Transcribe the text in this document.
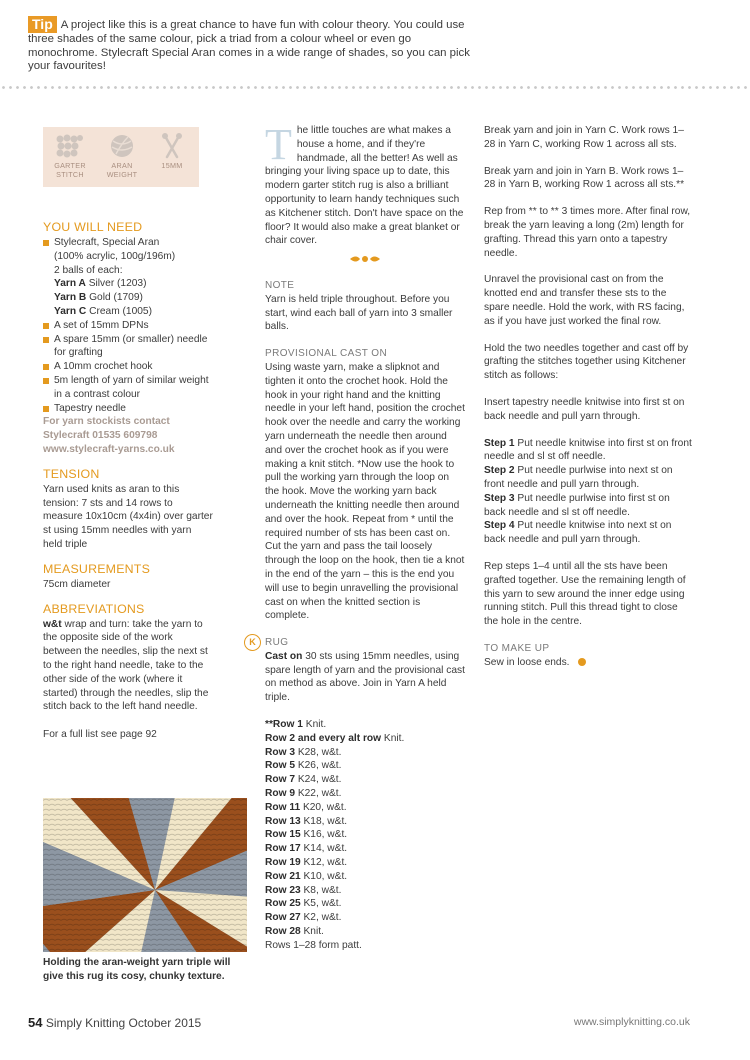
Tip A project like this is a great chance to have fun with colour theory. You could use three shades of the same colour, pick a triad from a colour wheel or even go monochrome. Stylecraft Special Aran comes in a wide range of shades, so you can pick your favourites!
GARTER
STITCH
ARAN
WEIGHT
15MM
YOU WILL NEED
Stylecraft, Special Aran
(100% acrylic, 100g/196m)
2 balls of each:
Yarn A Silver (1203)
Yarn B Gold (1709)
Yarn C Cream (1005)
A set of 15mm DPNs
A spare 15mm (or smaller) needle for grafting
A 10mm crochet hook
5m length of yarn of similar weight in a contrast colour
Tapestry needle
For yarn stockists contact
Stylecraft 01535 609798
www.stylecraft-yarns.co.uk
TENSION

Yarn used knits as aran to this tension: 7 sts and 14 rows to measure 10x10cm (4x4in) over garter st using 15mm needles with yarn held triple

MEASUREMENTS

75cm diameter

ABBREVIATIONS

w&t wrap and turn: take the yarn to the opposite side of the work between the needles, slip the next st to the right hand needle, take to the other side of the work (where it started) through the needles, slip the stitch back to the left hand needle.

For a full list see page 92

Holding the aran-weight yarn triple will give this rug its cosy, chunky texture.

The little touches are what makes a house a home, and if they're handmade, all the better! As well as bringing your living space up to date, this modern garter stitch rug is also a brilliant opportunity to learn handy techniques such as Kitchener stitch. Don't have space on the floor? It would also make a great blanket or chair cover.

NOTE

Yarn is held triple throughout. Before you start, wind each ball of yarn into 3 smaller balls.

PROVISIONAL CAST ON

Using waste yarn, make a slipknot and tighten it onto the crochet hook. Hold the hook in your right hand and the knitting needle in your left hand, position the crochet hook over the needle and carry the working yarn underneath the needle then around and over the crochet hook as if you were making a knit stitch. *Now use the hook to pull the working yarn through the loop on the hook. Move the working yarn back underneath the knitting needle then around and over the hook. Repeat from * until the required number of sts has been cast on. Cut the yarn and pass the tail loosely through the loop on the hook, then tie a knot in the end of the yarn – this is the end you will use to begin unravelling the provisional cast on when the knitted section is complete.

K RUG

Cast on 30 sts using 15mm needles, using spare length of yarn and the provisional cast on method as above. Join in Yarn A held triple.

**Row 1 Knit.
Row 2 and every alt row Knit.
Row 3 K28, w&t.
Row 5 K26, w&t.
Row 7 K24, w&t.
Row 9 K22, w&t.
Row 11 K20, w&t.
Row 13 K18, w&t.
Row 15 K16, w&t.
Row 17 K14, w&t.
Row 19 K12, w&t.
Row 21 K10, w&t.
Row 23 K8, w&t.
Row 25 K5, w&t.
Row 27 K2, w&t.
Row 28 Knit.
Rows 1–28 form patt.

Break yarn and join in Yarn C. Work rows 1–28 in Yarn C, working Row 1 across all sts.

Break yarn and join in Yarn B. Work rows 1–28 in Yarn B, working Row 1 across all sts.**

Rep from ** to ** 3 times more. After final row, break the yarn leaving a long (2m) length for grafting. Thread this yarn onto a tapestry needle.

Unravel the provisional cast on from the knotted end and transfer these sts to the spare needle. Hold the work, with RS facing, as if you have just worked the final row.

Hold the two needles together and cast off by grafting the stitches together using Kitchener stitch as follows:

Insert tapestry needle knitwise into first st on back needle and pull yarn through.

Step 1 Put needle knitwise into first st on front needle and sl st off needle.
Step 2 Put needle purlwise into next st on front needle and pull yarn through.
Step 3 Put needle purlwise into first st on back needle and sl st off needle.
Step 4 Put needle knitwise into next st on back needle and pull yarn through.

Rep steps 1–4 until all the sts have been grafted together. Use the remaining length of this yarn to sew around the inner edge using running stitch. Pull this thread tight to close the hole in the centre.

TO MAKE UP

Sew in loose ends.

54 Simply Knitting October 2015	www.simplyknitting.co.uk
